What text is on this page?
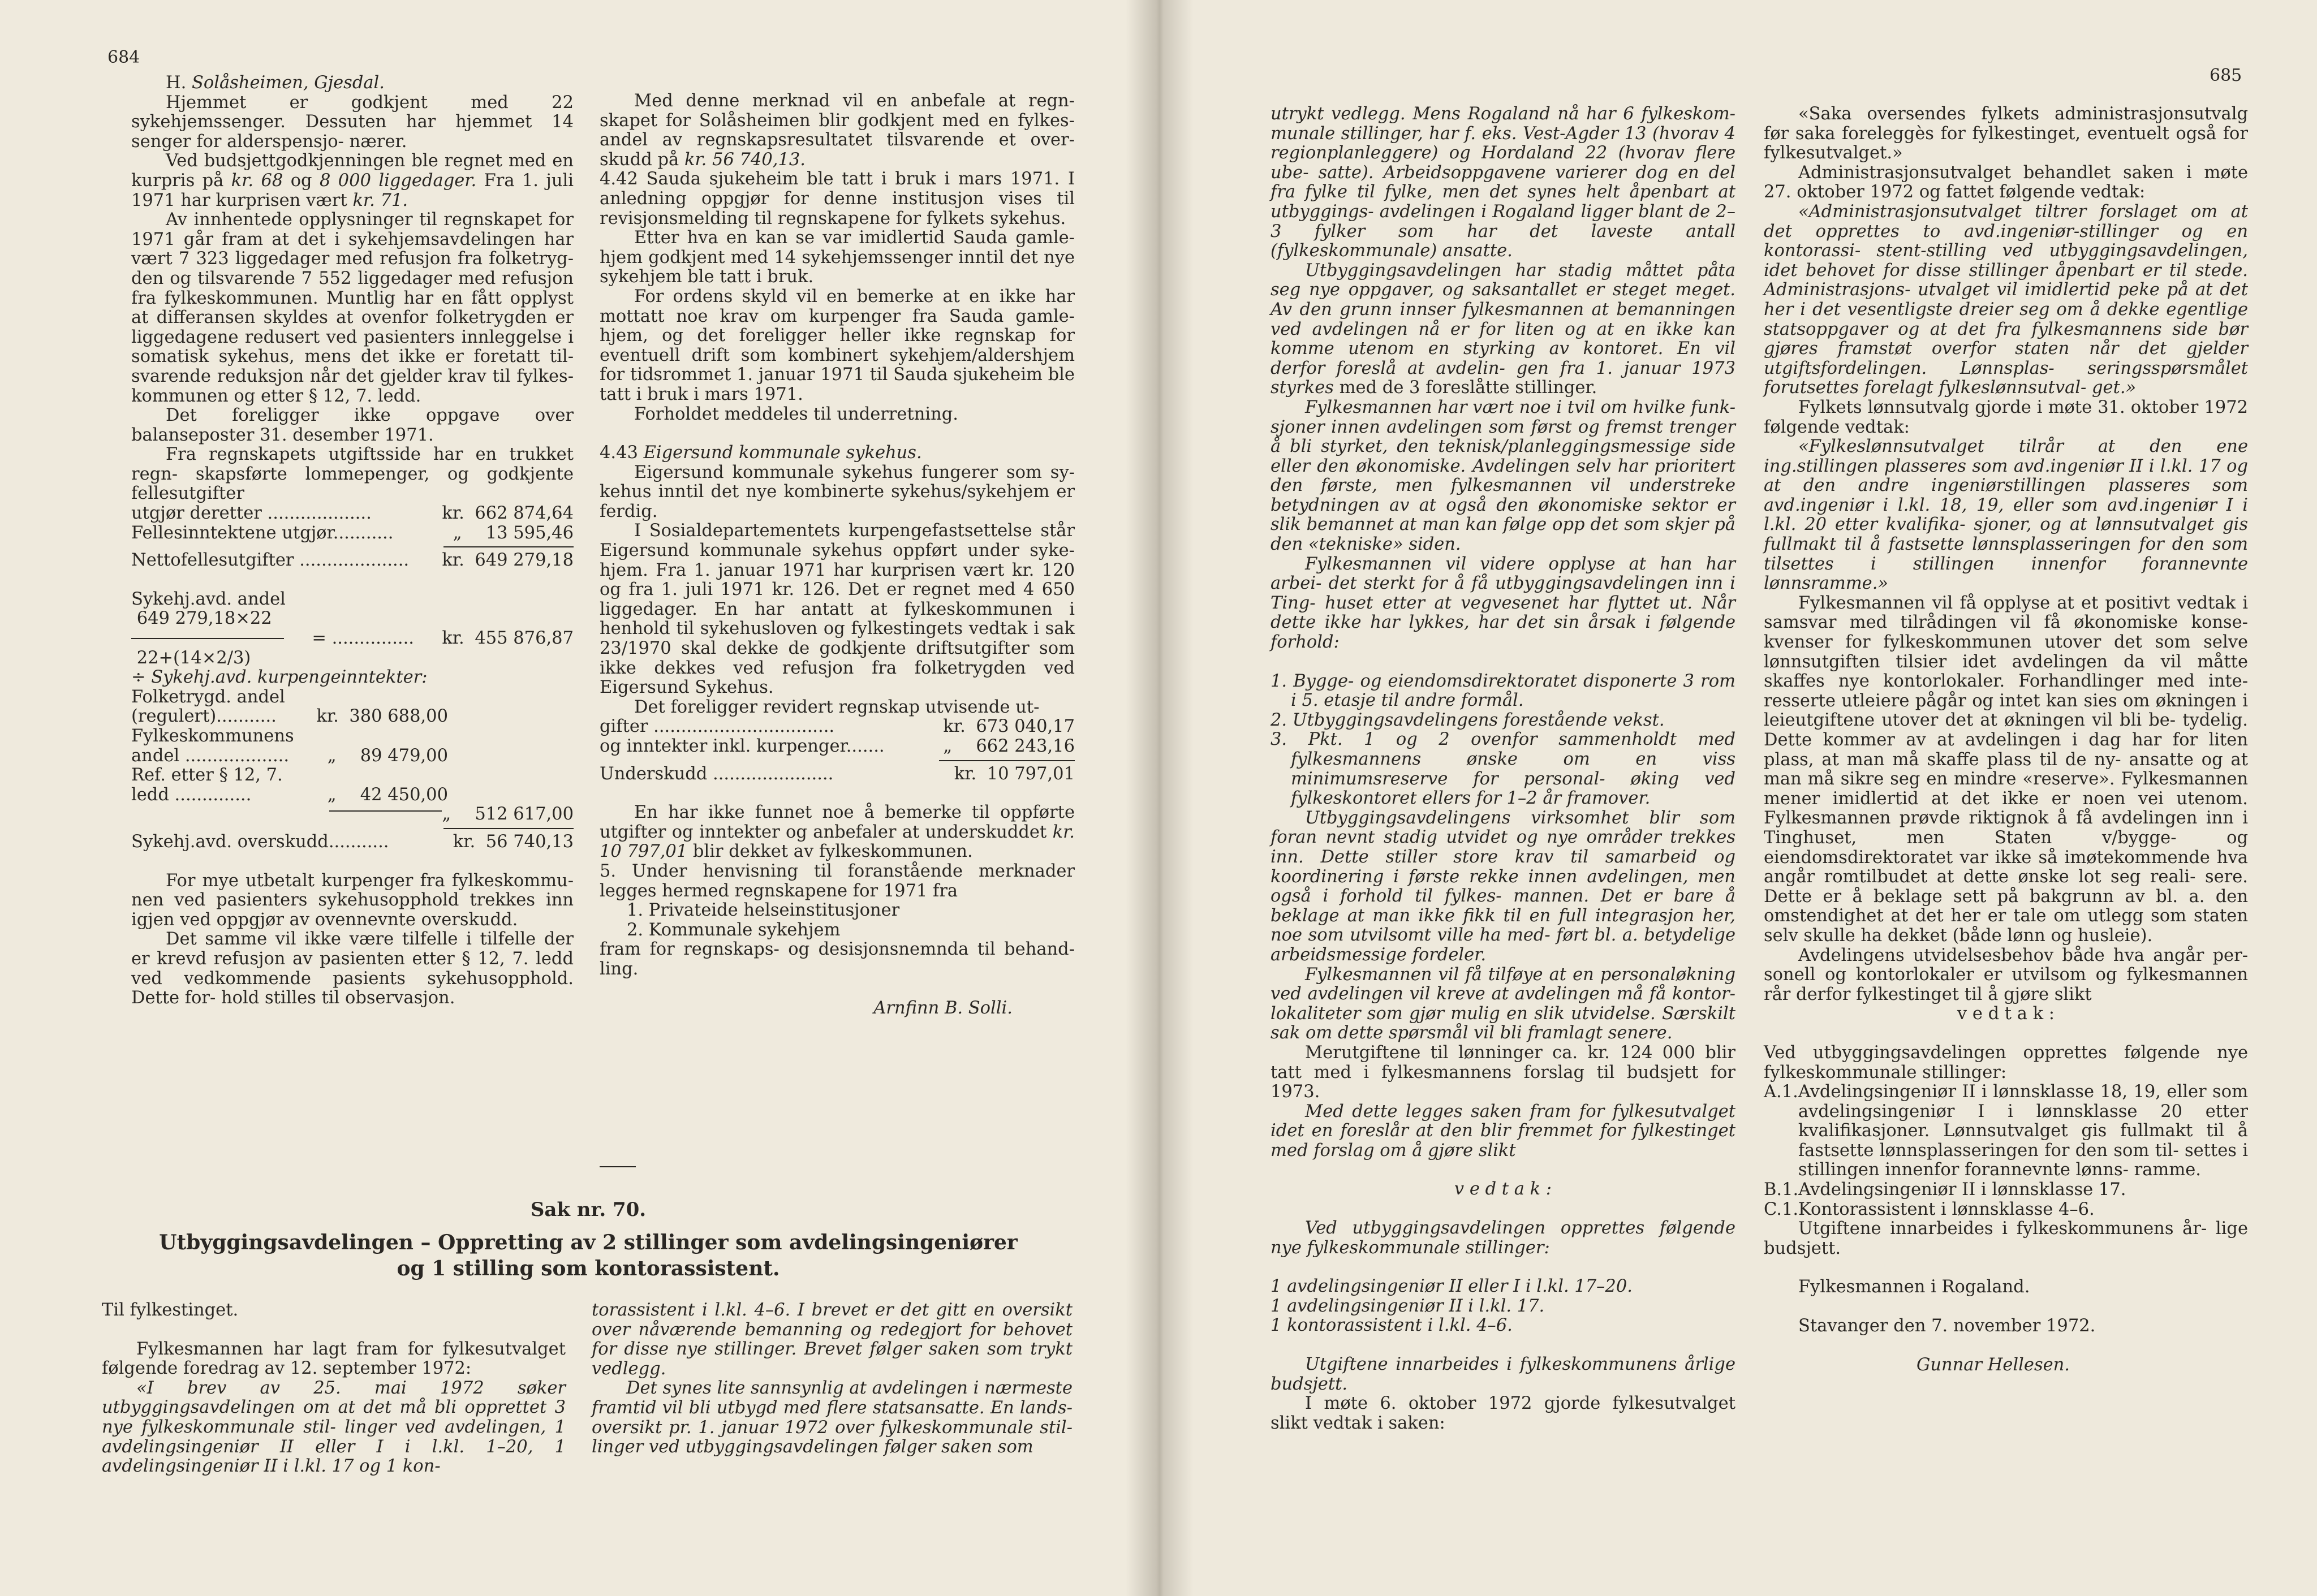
684

H. Solåsheimen, Gjesdal.

Hjemmet er godkjent med 22 sykehjemssenger. Dessuten har hjemmet 14 senger for alderspensjo- nærer.

Ved budsjettgodkjenningen ble regnet med en kurpris på kr. 68 og 8 000 liggedager. Fra 1. juli 1971 har kurprisen vært kr. 71.

Av innhentede opplysninger til regnskapet for 1971 går fram at det i sykehjemsavdelingen har vært 7 323 liggedager med refusjon fra folketryg- den og tilsvarende 7 552 liggedager med refusjon fra fylkeskommunen. Muntlig har en fått opplyst at differansen skyldes at ovenfor folketrygden er liggedagene redusert ved pasienters innleggelse i somatisk sykehus, mens det ikke er foretatt til- svarende reduksjon når det gjelder krav til fylkes- kommunen og etter § 12, 7. ledd.

Det foreligger ikke oppgave over balanseposter 31. desember 1971.

Fra regnskapets utgiftsside har en trukket regn- skapsførte lommepenger, og godkjente fellesutgifter

utgjør deretter ...................	kr. 662 874,64
Fellesinntektene utgjør...........	„	13 595,46
Nettofellesutgifter .................... kr. 649 279,18
Sykehj.avd. andel
649 279,18×22
= ............... kr. 455 876,87
22+(14×2/3)
÷ Sykehj.avd. kurpengeinntekter:
Folketrygd. andel
(regulert)........... kr. 380 688,00
Fylkeskommunens
andel ................... „	89 479,00
Ref. etter § 12, 7.
ledd ..............	„	42 450,00
„	512 617,00
Sykehj.avd. overskudd...........	kr. 56 740,13

For mye utbetalt kurpenger fra fylkeskommu- nen ved pasienters sykehusopphold trekkes inn igjen ved oppgjør av ovennevnte overskudd.

Det samme vil ikke være tilfelle i tilfelle der er krevd refusjon av pasienten etter § 12, 7. ledd ved vedkommende pasients sykehusopphold. Dette for- hold stilles til observasjon.

Med denne merknad vil en anbefale at regn- skapet for Solåsheimen blir godkjent med en fylkes- andel av regnskapsresultatet tilsvarende et over- skudd på kr. 56 740,13.

4.42 Sauda sjukeheim ble tatt i bruk i mars 1971. I anledning oppgjør for denne institusjon vises til revisjonsmelding til regnskapene for fylkets sykehus.

Etter hva en kan se var imidlertid Sauda gamle- hjem godkjent med 14 sykehjemssenger inntil det nye sykehjem ble tatt i bruk.

For ordens skyld vil en bemerke at en ikke har mottatt noe krav om kurpenger fra Sauda gamle- hjem, og det foreligger heller ikke regnskap for eventuell drift som kombinert sykehjem/aldershjem for tidsrommet 1. januar 1971 til Sauda sjukeheim ble tatt i bruk i mars 1971.

Forholdet meddeles til underretning.

4.43 Eigersund kommunale sykehus.

Eigersund kommunale sykehus fungerer som sy- kehus inntil det nye kombinerte sykehus/sykehjem er ferdig.

I Sosialdepartementets kurpengefastsettelse står Eigersund kommunale sykehus oppført under syke- hjem. Fra 1. januar 1971 har kurprisen vært kr. 120 og fra 1. juli 1971 kr. 126. Det er regnet med 4 650 liggedager. En har antatt at fylkeskommunen i henhold til sykehusloven og fylkestingets vedtak i sak 23/1970 skal dekke de godkjente driftsutgifter som ikke dekkes ved refusjon fra folketrygden ved Eigersund Sykehus.

Det foreligger revidert regnskap utvisende ut-

gifter .................................	kr. 673 040,17
og inntekter inkl. kurpenger.......	„	662 243,16
Underskudd ......................	kr. 10 797,01

En har ikke funnet noe å bemerke til oppførte utgifter og inntekter og anbefaler at underskuddet kr. 10 797,01 blir dekket av fylkeskommunen.

5. Under henvisning til foranstående merknader legges hermed regnskapene for 1971 fra

1. Privateide helseinstitusjoner
2. Kommunale sykehjem

fram for regnskaps- og desisjonsnemnda til behand- ling.

Arnfinn B. Solli.
Sak nr. 70.
Utbyggingsavdelingen – Oppretting av 2 stillinger som avdelingsingeniører
og 1 stilling som kontorassistent.

Til fylkestinget.

Fylkesmannen har lagt fram for fylkesutvalget følgende foredrag av 12. september 1972:

«I brev av 25. mai 1972 søker utbyggingsavdelingen om at det må bli opprettet 3 nye fylkeskommunale stil- linger ved avdelingen, 1 avdelingsingeniør II eller I i l.kl. 1–20, 1 avdelingsingeniør II i l.kl. 17 og 1 kon-

torassistent i l.kl. 4–6. I brevet er det gitt en oversikt over nåværende bemanning og redegjort for behovet for disse nye stillinger. Brevet følger saken som trykt vedlegg.

Det synes lite sannsynlig at avdelingen i nærmeste framtid vil bli utbygd med flere statsansatte. En lands- oversikt pr. 1. januar 1972 over fylkeskommunale stil- linger ved utbyggingsavdelingen følger saken som

685

utrykt vedlegg. Mens Rogaland nå har 6 fylkeskom- munale stillinger, har f. eks. Vest-Agder 13 (hvorav 4 regionplanleggere) og Hordaland 22 (hvorav flere ube- satte). Arbeidsoppgavene varierer dog en del fra fylke til fylke, men det synes helt åpenbart at utbyggings- avdelingen i Rogaland ligger blant de 2–3 fylker som har det laveste antall (fylkeskommunale) ansatte.

Utbyggingsavdelingen har stadig måttet påta seg nye oppgaver, og saksantallet er steget meget. Av den grunn innser fylkesmannen at bemanningen ved avdelingen nå er for liten og at en ikke kan komme utenom en styrking av kontoret. En vil derfor foreslå at avdelin- gen fra 1. januar 1973 styrkes med de 3 foreslåtte stillinger.

Fylkesmannen har vært noe i tvil om hvilke funk- sjoner innen avdelingen som først og fremst trenger å bli styrket, den teknisk/planleggingsmessige side eller den økonomiske. Avdelingen selv har prioritert den første, men fylkesmannen vil understreke betydningen av at også den økonomiske sektor er slik bemannet at man kan følge opp det som skjer på den «tekniske» siden.

Fylkesmannen vil videre opplyse at han har arbei- det sterkt for å få utbyggingsavdelingen inn i Ting- huset etter at vegvesenet har flyttet ut. Når dette ikke har lykkes, har det sin årsak i følgende forhold:

1. Bygge- og eiendomsdirektoratet disponerte 3 rom i 5. etasje til andre formål.

2. Utbyggingsavdelingens forestående vekst.

3. Pkt. 1 og 2 ovenfor sammenholdt med fylkesmannens ønske om en viss minimumsreserve for personal- øking ved fylkeskontoret ellers for 1–2 år framover.

Utbyggingsavdelingens virksomhet blir som foran nevnt stadig utvidet og nye områder trekkes inn. Dette stiller store krav til samarbeid og koordinering i første rekke innen avdelingen, men også i forhold til fylkes- mannen. Det er bare å beklage at man ikke fikk til en full integrasjon her, noe som utvilsomt ville ha med- ført bl. a. betydelige arbeidsmessige fordeler.

Fylkesmannen vil få tilføye at en personaløkning ved avdelingen vil kreve at avdelingen må få kontor- lokaliteter som gjør mulig en slik utvidelse. Særskilt sak om dette spørsmål vil bli framlagt senere.

Merutgiftene til lønninger ca. kr. 124 000 blir tatt med i fylkesmannens forslag til budsjett for 1973.

Med dette legges saken fram for fylkesutvalget idet en foreslår at den blir fremmet for fylkestinget med forslag om å gjøre slikt

v e d t a k :

Ved utbyggingsavdelingen opprettes følgende nye fylkeskommunale stillinger:

1 avdelingsingeniør II eller I i l.kl. 17–20.

1 avdelingsingeniør II i l.kl. 17.

1 kontorassistent i l.kl. 4–6.

Utgiftene innarbeides i fylkeskommunens årlige budsjett.

I møte 6. oktober 1972 gjorde fylkesutvalget slikt vedtak i saken:

«Saka oversendes fylkets administrasjonsutvalg før saka foreleggès for fylkestinget, eventuelt også for fylkesutvalget.»

Administrasjonsutvalget behandlet saken i møte 27. oktober 1972 og fattet følgende vedtak:

«Administrasjonsutvalget tiltrer forslaget om at det opprettes to avd.ingeniør-stillinger og en kontorassi- stent-stilling ved utbyggingsavdelingen, idet behovet for disse stillinger åpenbart er til stede. Administrasjons- utvalget vil imidlertid peke på at det her i det vesentligste dreier seg om å dekke egentlige statsoppgaver og at det fra fylkesmannens side bør gjøres framstøt overfor staten når det gjelder utgiftsfordelingen. Lønnsplas- seringsspørsmålet forutsettes forelagt fylkeslønnsutval- get.»

Fylkets lønnsutvalg gjorde i møte 31. oktober 1972 følgende vedtak:

«Fylkeslønnsutvalget tilrår at den ene ing.stillingen plasseres som avd.ingeniør II i l.kl. 17 og at den andre ingeniørstillingen plasseres som avd.ingeniør i l.kl. 18, 19, eller som avd.ingeniør I i l.kl. 20 etter kvalifika- sjoner, og at lønnsutvalget gis fullmakt til å fastsette lønnsplasseringen for den som tilsettes i stillingen innenfor forannevnte lønnsramme.»

Fylkesmannen vil få opplyse at et positivt vedtak i samsvar med tilrådingen vil få økonomiske konse- kvenser for fylkeskommunen utover det som selve lønnsutgiften tilsier idet avdelingen da vil måtte skaffes nye kontorlokaler. Forhandlinger med inte- resserte utleiere pågår og intet kan sies om økningen i leieutgiftene utover det at økningen vil bli be- tydelig. Dette kommer av at avdelingen i dag har for liten plass, at man må skaffe plass til de ny- ansatte og at man må sikre seg en mindre «reserve». Fylkesmannen mener imidlertid at det ikke er noen vei utenom. Fylkesmannen prøvde riktignok å få avdelingen inn i Tinghuset, men Staten v/bygge- og eiendomsdirektoratet var ikke så imøtekommende hva angår romtilbudet at dette ønske lot seg reali- sere. Dette er å beklage sett på bakgrunn av bl. a. den omstendighet at det her er tale om utlegg som staten selv skulle ha dekket (både lønn og husleie).

Avdelingens utvidelsesbehov både hva angår per- sonell og kontorlokaler er utvilsom og fylkesmannen rår derfor fylkestinget til å gjøre slikt

v e d t a k :

Ved utbyggingsavdelingen opprettes følgende nye fylkeskommunale stillinger:

A.1. Avdelingsingeniør II i lønnsklasse 18, 19, eller som avdelingsingeniør I i lønnsklasse 20 etter kvalifikasjoner. Lønnsutvalget gis fullmakt til å fastsette lønnsplasseringen for den som til- settes i stillingen innenfor forannevnte lønns- ramme.
B.1. Avdelingsingeniør II i lønnsklasse 17.
C.1. Kontorassistent i lønnsklasse 4–6.

Utgiftene innarbeides i fylkeskommunens år- lige budsjett.

Fylkesmannen i Rogaland.

Stavanger den 7. november 1972.

Gunnar Hellesen.
